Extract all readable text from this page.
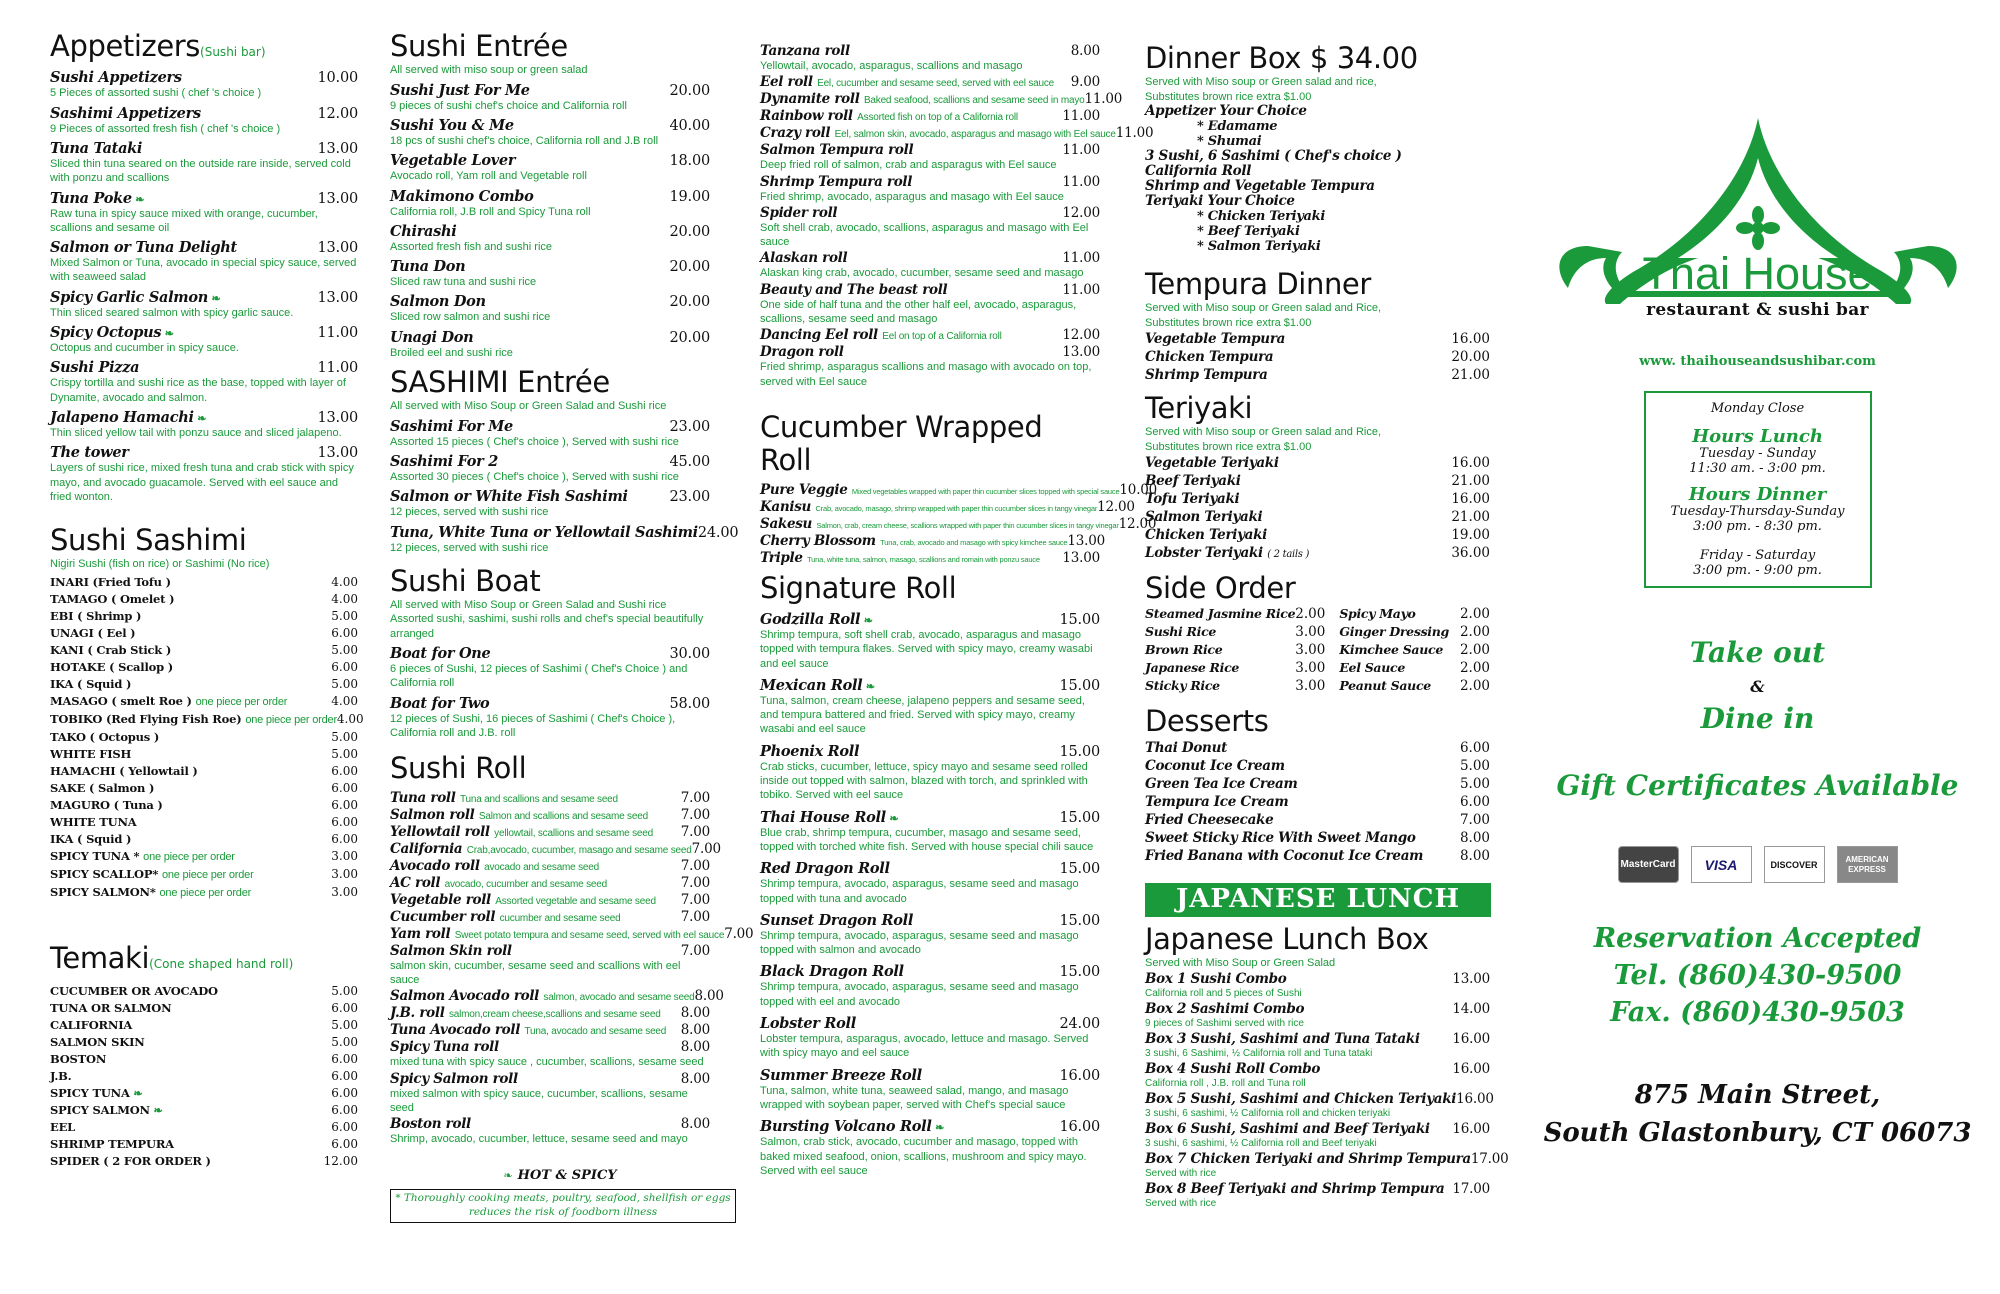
Appetizers(Sushi bar)
Sushi Appetizers	10.00
5 Pieces of assorted sushi ( chef 's choice )
Sashimi Appetizers	12.00
9 Pieces of assorted fresh fish ( chef 's choice )
Tuna Tataki	13.00
Sliced thin tuna seared on the outside rare inside, served cold with ponzu and scallions
Tuna Poke ❧	13.00
Raw tuna in spicy sauce mixed with orange, cucumber, scallions and sesame oil
Salmon or Tuna Delight	13.00
Mixed Salmon or Tuna, avocado in special spicy sauce, served with seaweed salad
Spicy Garlic Salmon ❧	13.00
Thin sliced seared salmon with spicy garlic sauce.
Spicy Octopus ❧	11.00
Octopus and cucumber in spicy sauce.
Sushi Pizza	11.00
Crispy tortilla and sushi rice as the base, topped with layer of Dynamite, avocado and salmon.
Jalapeno Hamachi ❧	13.00
Thin sliced yellow tail with ponzu sauce and sliced jalapeno.
The tower	13.00
Layers of sushi rice, mixed fresh tuna and crab stick with spicy mayo, and avocado guacamole. Served with eel sauce and fried wonton.
Sushi Sashimi
Nigiri Sushi (fish on rice) or Sashimi (No rice)
INARI (Fried Tofu )	4.00
TAMAGO ( Omelet )	4.00
EBI ( Shrimp )	5.00
UNAGI ( Eel )	6.00
KANI ( Crab Stick )	5.00
HOTAKE ( Scallop )	6.00
IKA ( Squid )	5.00
MASAGO ( smelt Roe ) one piece per order	4.00
TOBIKO (Red Flying Fish Roe) one piece per order 4.00
TAKO ( Octopus )	5.00
WHITE FISH	5.00
HAMACHI ( Yellowtail )	6.00
SAKE ( Salmon )	6.00
MAGURO ( Tuna )	6.00
WHITE TUNA	6.00
IKA ( Squid )	6.00
SPICY TUNA * one piece per order	3.00
SPICY SCALLOP* one piece per order	3.00
SPICY SALMON* one piece per order	3.00
Temaki(Cone shaped hand roll)
CUCUMBER OR AVOCADO	5.00
TUNA OR SALMON	6.00
CALIFORNIA	5.00
SALMON SKIN	5.00
BOSTON	6.00
J.B.	6.00
SPICY TUNA ❧	6.00
SPICY SALMON ❧	6.00
EEL	6.00
SHRIMP TEMPURA	6.00
SPIDER ( 2 FOR ORDER )	12.00
Sushi Entrée
All served with miso soup or green salad
Sushi Just For Me	20.00
9 pieces of sushi chef's choice and California roll
Sushi You & Me	40.00
18 pcs of sushi chef's choice, California roll and J.B roll
Vegetable Lover	18.00
Avocado roll, Yam roll and Vegetable roll
Makimono Combo	19.00
California roll, J.B roll and Spicy Tuna roll
Chirashi	20.00
Assorted fresh fish and sushi rice
Tuna Don	20.00
Sliced raw tuna and sushi rice
Salmon Don	20.00
Sliced row salmon and sushi rice
Unagi Don	20.00
Broiled eel and sushi rice
SASHIMI Entrée
All served with Miso Soup or Green Salad and Sushi rice
Sashimi For Me	23.00
Assorted 15 pieces ( Chef's choice ), Served with sushi rice
Sashimi For 2	45.00
Assorted 30 pieces ( Chef's choice ), Served with sushi rice
Salmon or White Fish Sashimi	23.00
12 pieces, served with sushi rice
Tuna, White Tuna or Yellowtail Sashimi 24.00
12 pieces, served with sushi rice
Sushi Boat
All served with Miso Soup or Green Salad and Sushi rice
Assorted sushi, sashimi, sushi rolls and chef's special beautifully arranged
Boat for One	30.00
6 pieces of Sushi, 12 pieces of Sashimi ( Chef's Choice ) and California roll
Boat for Two	58.00
12 pieces of Sushi, 16 pieces of Sashimi ( Chef's Choice ), California roll and J.B. roll
Sushi Roll
Tuna roll Tuna and scallions and sesame seed	7.00
Salmon roll Salmon and scallions and sesame seed 7.00
Yellowtail roll yellowtail, scallions and sesame seed 7.00
California Crab,avocado, cucumber, masago and sesame seed 7.00
Avocado roll avocado and sesame seed	7.00
AC roll avocado, cucumber and sesame seed	7.00
Vegetable roll Assorted vegetable and sesame seed 7.00
Cucumber roll cucumber and sesame seed	7.00
Yam roll Sweet potato tempura and sesame seed, served with eel sauce 7.00
Salmon Skin roll	7.00
salmon skin, cucumber, sesame seed and scallions with eel sauce
Salmon Avocado roll salmon, avocado and sesame seed 8.00
J.B. roll salmon,cream cheese,scallions and sesame seed 8.00
Tuna Avocado roll Tuna, avocado and sesame seed 8.00
Spicy Tuna roll	8.00
mixed tuna with spicy sauce , cucumber, scallions, sesame seed
Spicy Salmon roll	8.00
mixed salmon with spicy sauce, cucumber, scallions, sesame seed
Boston roll	8.00
Shrimp, avocado, cucumber, lettuce, sesame seed and mayo
❧ HOT & SPICY
* Thoroughly cooking meats, poultry, seafood, shellfish or eggs reduces the risk of foodborn illness
Tanzana roll	8.00
Yellowtail, avocado, asparagus, scallions and masago
Eel roll Eel, cucumber and sesame seed, served with eel sauce 9.00
Dynamite roll Baked seafood, scallions and sesame seed in mayo 11.00
Rainbow roll Assorted fish on top of a California roll	11.00
Crazy roll Eel, salmon skin, avocado, asparagus and masago with Eel sauce 11.00
Salmon Tempura roll	11.00
Deep fried roll of salmon, crab and asparagus with Eel sauce
Shrimp Tempura roll	11.00
Fried shrimp, avocado, asparagus and masago with Eel sauce
Spider roll	12.00
Soft shell crab, avocado, scallions, asparagus and masago with Eel sauce
Alaskan roll	11.00
Alaskan king crab, avocado, cucumber, sesame seed and masago
Beauty and The beast roll	11.00
One side of half tuna and the other half eel, avocado, asparagus, scallions, sesame seed and masago
Dancing Eel roll Eel on top of a California roll	12.00
Dragon roll	13.00
Fried shrimp, asparagus scallions and masago with avocado on top, served with Eel sauce
Cucumber Wrapped Roll
Pure Veggie Mixed vegetables wrapped with paper thin cucumber slices topped with special sauce 10.00
Kanisu Crab, avocado, masago, shrimp wrapped with paper thin cucumber slices in tangy vinegar 12.00
Sakesu Salmon, crab, cream cheese, scallions wrapped with paper thin cucumber slices in tangy vinegar 12.00
Cherry Blossom Tuna, crab, avocado and masago with spicy kimchee sauce 13.00
Triple Tuna, white tuna, salmon, masago, scallions and romain with ponzu sauce 13.00
Signature Roll
Godzilla Roll ❧	15.00
Shrimp tempura, soft shell crab, avocado, asparagus and masago topped with tempura flakes. Served with spicy mayo, creamy wasabi and eel sauce
Mexican Roll ❧	15.00
Tuna, salmon, cream cheese, jalapeno peppers and sesame seed, and tempura battered and fried. Served with spicy mayo, creamy wasabi and eel sauce
Phoenix Roll	15.00
Crab sticks, cucumber, lettuce, spicy mayo and sesame seed rolled inside out topped with salmon, blazed with torch, and sprinkled with tobiko. Served with eel sauce
Thai House Roll ❧	15.00
Blue crab, shrimp tempura, cucumber, masago and sesame seed, topped with torched white fish. Served with house special chili sauce
Red Dragon Roll	15.00
Shrimp tempura, avocado, asparagus, sesame seed and masago topped with tuna and avocado
Sunset Dragon Roll	15.00
Shrimp tempura, avocado, asparagus, sesame seed and masago topped with salmon and avocado
Black Dragon Roll	15.00
Shrimp tempura, avocado, asparagus, sesame seed and masago topped with eel and avocado
Lobster Roll	24.00
Lobster tempura, asparagus, avocado, lettuce and masago. Served with spicy mayo and eel sauce
Summer Breeze Roll	16.00
Tuna, salmon, white tuna, seaweed salad, mango, and masago wrapped with soybean paper, served with Chef's special sauce
Bursting Volcano Roll ❧	16.00
Salmon, crab stick, avocado, cucumber and masago, topped with baked mixed seafood, onion, scallions, mushroom and spicy mayo. Served with eel sauce
Dinner Box $ 34.00
Served with Miso soup or Green salad and rice,
Substitutes brown rice extra $1.00
Appetizer Your Choice
* Edamame
* Shumai
3 Sushi, 6 Sashimi ( Chef's choice )
California Roll
Shrimp and Vegetable Tempura
Teriyaki Your Choice
* Chicken Teriyaki
* Beef Teriyaki
* Salmon Teriyaki
Tempura Dinner
Served with Miso soup or Green salad and Rice,
Substitutes brown rice extra $1.00
Vegetable Tempura	16.00
Chicken Tempura	20.00
Shrimp Tempura	21.00
Teriyaki
Served with Miso soup or Green salad and Rice,
Substitutes brown rice extra $1.00
Vegetable Teriyaki	16.00
Beef Teriyaki	21.00
Tofu Teriyaki	16.00
Salmon Teriyaki	21.00
Chicken Teriyaki	19.00
Lobster Teriyaki ( 2 tails )	36.00
Side Order
Steamed Jasmine Rice 2.00
Sushi Rice	3.00
Brown Rice	3.00
Japanese Rice	3.00
Sticky Rice	3.00
Spicy Mayo	2.00
Ginger Dressing 2.00
Kimchee Sauce 2.00
Eel Sauce	2.00
Peanut Sauce 2.00
Desserts
Thai Donut	6.00
Coconut Ice Cream	5.00
Green Tea Ice Cream	5.00
Tempura Ice Cream	6.00
Fried Cheesecake	7.00
Sweet Sticky Rice With Sweet Mango	8.00
Fried Banana with Coconut Ice Cream	8.00
JAPANESE LUNCH
Japanese Lunch Box
Served with Miso Soup or Green Salad
Box 1 Sushi Combo	13.00
California roll and 5 pieces of Sushi
Box 2 Sashimi Combo	14.00
9 pieces of Sashimi served with rice
Box 3 Sushi, Sashimi and Tuna Tataki 16.00
3 sushi, 6 Sashimi, ½ California roll and Tuna tataki
Box 4 Sushi Roll Combo	16.00
California roll , J.B. roll and Tuna roll
Box 5 Sushi, Sashimi and Chicken Teriyaki 16.00
3 sushi, 6 sashimi, ½ California roll and chicken teriyaki
Box 6 Sushi, Sashimi and Beef Teriyaki 16.00
3 sushi, 6 sashimi, ½ California roll and Beef teriyaki
Box 7 Chicken Teriyaki and Shrimp Tempura 17.00
Served with rice
Box 8 Beef Teriyaki and Shrimp Tempura 17.00
Served with rice
Thai House
restaurant & sushi bar
www. thaihouseandsushibar.com
Monday Close
Hours Lunch
Tuesday - Sunday
11:30 am. - 3:00 pm.
Hours Dinner
Tuesday-Thursday-Sunday
3:00 pm. - 8:30 pm.
Friday - Saturday
3:00 pm. - 9:00 pm.
Take out
&
Dine in
Gift Certificates Available
MasterCard	VISA	DISCOVER
AMERICAN EXPRESS
Reservation Accepted
Tel. (860)430-9500
Fax. (860)430-9503
875 Main Street,
South Glastonbury, CT 06073
